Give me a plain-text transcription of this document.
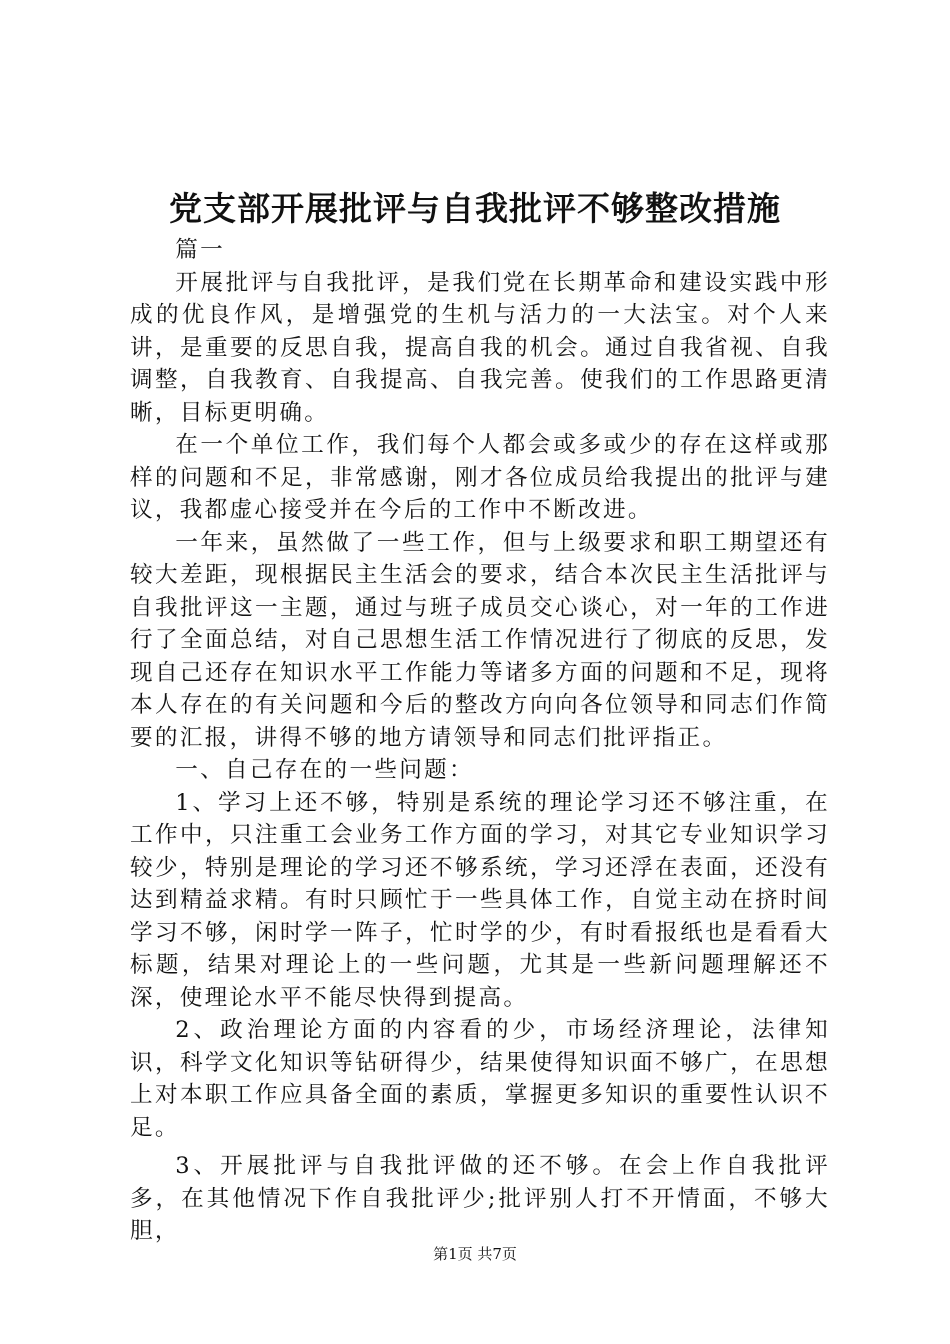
党支部开展批评与自我批评不够整改措施

篇一

开展批评与自我批评，是我们党在长期革命和建设实践中形成的优良作风，是增强党的生机与活力的一大法宝。对个人来讲，是重要的反思自我，提高自我的机会。通过自我省视、自我调整，自我教育、自我提高、自我完善。使我们的工作思路更清晰，目标更明确。

在一个单位工作，我们每个人都会或多或少的存在这样或那样的问题和不足，非常感谢，刚才各位成员给我提出的批评与建议，我都虚心接受并在今后的工作中不断改进。

一年来，虽然做了一些工作，但与上级要求和职工期望还有较大差距，现根据民主生活会的要求，结合本次民主生活批评与自我批评这一主题，通过与班子成员交心谈心，对一年的工作进行了全面总结，对自己思想生活工作情况进行了彻底的反思，发现自己还存在知识水平工作能力等诸多方面的问题和不足，现将本人存在的有关问题和今后的整改方向向各位领导和同志们作简要的汇报，讲得不够的地方请领导和同志们批评指正。

一、自己存在的一些问题：

1、学习上还不够，特别是系统的理论学习还不够注重，在工作中，只注重工会业务工作方面的学习，对其它专业知识学习较少，特别是理论的学习还不够系统，学习还浮在表面，还没有达到精益求精。有时只顾忙于一些具体工作，自觉主动在挤时间学习不够，闲时学一阵子，忙时学的少，有时看报纸也是看看大标题，结果对理论上的一些问题，尤其是一些新问题理解还不深，使理论水平不能尽快得到提高。

2、政治理论方面的内容看的少，市场经济理论，法律知识，科学文化知识等钻研得少，结果使得知识面不够广，在思想上对本职工作应具备全面的素质，掌握更多知识的重要性认识不足。

3、开展批评与自我批评做的还不够。在会上作自我批评多，在其他情况下作自我批评少;批评别人打不开情面，不够大胆，

第1页 共7页
